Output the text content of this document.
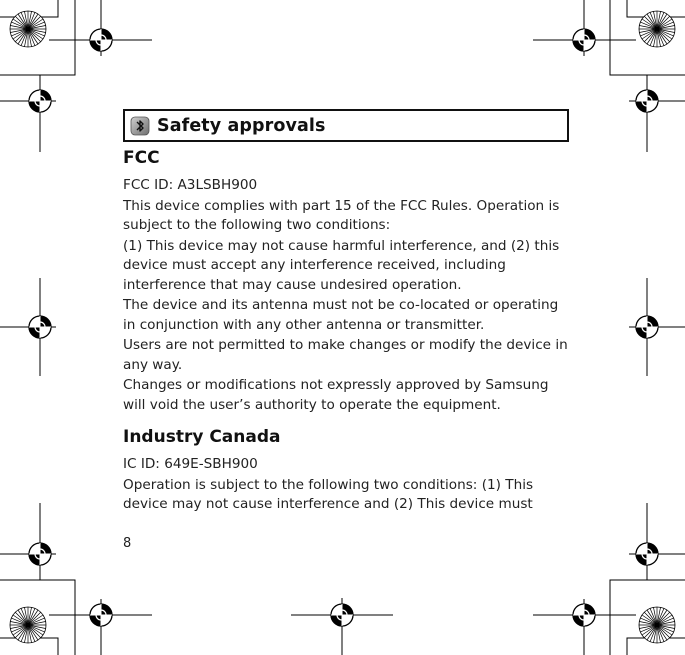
Safety approvals
FCC

FCC ID: A3LSBH900

This device complies with part 15 of the FCC Rules. Operation is subject to the following two conditions:

(1) This device may not cause harmful interference, and (2) this device must accept any interference received, including interference that may cause undesired operation.

The device and its antenna must not be co-located or operating in conjunction with any other antenna or transmitter.

Users are not permitted to make changes or modify the device in any way.

Changes or modifications not expressly approved by Samsung will void the user’s authority to operate the equipment.

Industry Canada

IC ID: 649E-SBH900

Operation is subject to the following two conditions: (1) This device may not cause interference and (2) This device must

8
